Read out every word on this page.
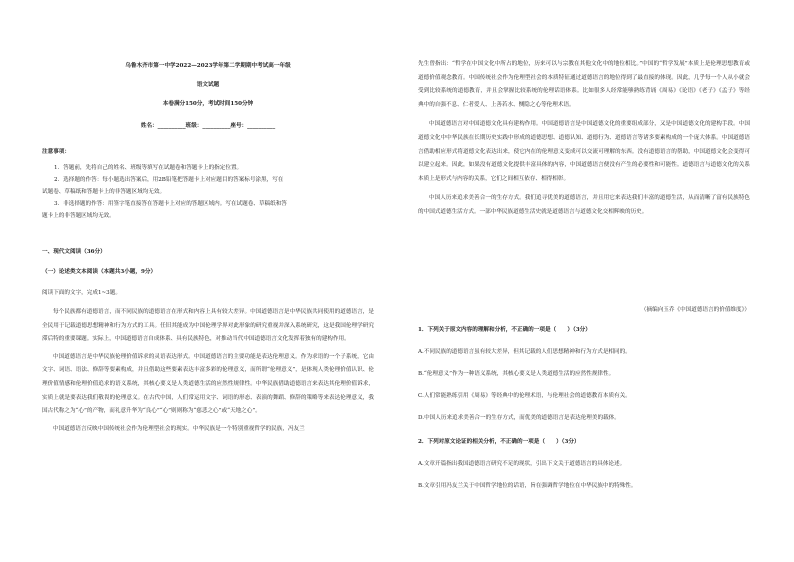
乌鲁木齐市第一中学2022—2023学年第二学期期中考试高一年级
语文试题
本卷满分150分，考试时间150分钟
姓名：__________班级：__________座号：__________
注意事项：

1．答题前，先将自己的姓名、班级等填写在试题卷和答题卡上的指定位置。

2．选择题的作答：每小题选出答案后，用2B铅笔把答题卡上对应题目的答案标号涂黑，写在

试题卷、草稿纸和答题卡上的非答题区域均无效。

3．非选择题的作答：用签字笔直接答在答题卡上对应的答题区域内。写在试题卷、草稿纸和答

题卡上的非答题区域均无效。

一、现代文阅读（36分）
（一）论述类文本阅读（本题共3小题，9分）
阅读下面的文字，完成1~3题。

每个民族都有道德语言，而不同民族的道德语言在形式和内容上具有较大差异。中国道德语言是中华民族共同使用的道德语言，是全民用于记载道德思想精神和行为方式的工具。任旧其能成为中国伦理学界对此形象的研究重视并深入系统研究，这是我国伦理学研究滞后特的重要课题。实际上，中国道德语言自成体系、具有民族特色，对推动当代中国道德语言文化发挥着独有的建构作用。

中国道德语言是中华民族伦理价值诉求的灵语表达形式。中国道德语言的主要功能是表达伦理意义。作为求语的一个子系统，它由文字、词语、语法、修辞等要素构成，并且借助这些要素表达丰富多彩的伦理意义，而所谓“伦理意义”，是体现人类伦理价值认识、伦理价值情感和伦理价值追求的语义系统，其核心要义是人类道德生活的应然性规律性。中华民族借助道德语言来表达其伦理价值诉求，实质上就是要表达我们敬畏的伦理意义。在古代中国，人们常运用文字、词语的形态、表演的舞蹈、修辞的策略等来表达伦理意义，我国古代称之为“心”的产物，而礼意升华为“良心”“心”则则称为“慈悲之心”或“天地之心”。

中国道德语言反映中国传统社会作为伦理型社会的现实。中华民族是一个特别重视哲学的民族，冯友兰

先生曾指出：“哲学在中国文化中所占的地位，历来可以与宗教在其他文化中的地位相比。”中国的“哲学发展”本质上是伦理思想教育或道德价值观念教育。中国传统社会作为伦理型社会的本质特征通过道德语言的地位得到了最直接的体现。因此，几乎每一个人从小就会受到比较系统的道德教育，并且会掌握比较系统的伦理话语体系。比如很多人经常能够熟练背诵《周易》《论语》《老子》《孟子》等经典中的自强不息、仁者爱人、上善若水、恻隐之心等伦理术语。

中国道德语言对中国道德文化具有建构作用。中国道德语言是中国道德文化的重要组成部分，又是中国道德文化的建构手段。中国道德文化中中华民族在长期历史实践中形成的道德思想、道德认知、道德行为、道德语言等诸多要素构成的一个庞大体系。中国道德语言借助相应形式将道德文化表达出来，使它内在的伦理意义变成可以交流可理解的东西。没有道德语言的帮助，中国道德文化会变得可以建立起来。因此，如果没有道德文化提供丰富具体的内容，中国道德语言便没有产生的必要性和可能性。道德语言与道德文化的关系本质上是形式与内容的关系，它们之间相互依存、相得相彰。

中国人历来追求美善合一的生存方式。我们追寻优美的道德语言，并且用它来表达我们丰富的道德生活，从而清晰了富有民族特色的中国式道德生活方式。一部中华民族道德生活史就是道德语言与道德文化交相辉映的历史。

（摘编向玉乔《中国道德语言的价值维度》）

1．下列关于原文内容的理解和分析，不正确的一项是（　　）（3分）

A.不同民族的道德语言虽有较大差异，但其记载的人们思想精神和行为方式是相同的。

B.“伦理意义”作为一种语义系统，其核心要义是人类道德生活的应然性规律性。

C.人们常能熟练引用《周易》等经典中的伦理术语，与伦理社会的道德教育本质有关。

D.中国人历来追求美善合一的生存方式，而优美的道德语言是表达伦理美的载体。

2．下列对原文论证的相关分析，不正确的一项是（　　）（3分）

A.文章开篇指出我国道德语言研究不足的现状，引出下文关于道德语言的具体论述。

B.文章引用冯友兰关于中国哲学地位的话语，旨在强调哲学地位在中华民族中的特殊性。
